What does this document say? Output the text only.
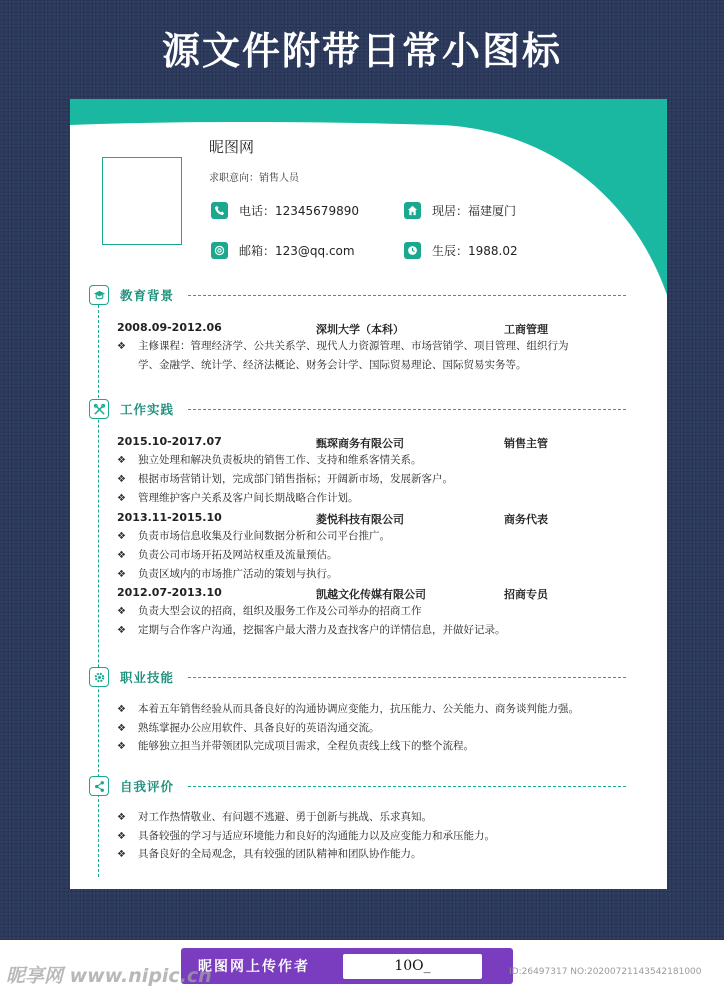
源文件附带日常小图标
昵图网
求职意向：销售人员
电话：12345679890	现居：福建厦门
邮箱：123@qq.com	生辰：1988.02
教育背景
2008.09-2012.06	深圳大学（本科）	工商管理
❖	主修课程：管理经济学、公共关系学、现代人力资源管理、市场营销学、项目管理、组织行为
学、金融学、统计学、经济法概论、财务会计学、国际贸易理论、国际贸易实务等。
工作实践
2015.10-2017.07	甄琛商务有限公司	销售主管
❖	独立处理和解决负责板块的销售工作、支持和维系客情关系。
❖	根据市场营销计划，完成部门销售指标；开阔新市场，发展新客户。
❖	管理维护客户关系及客户间长期战略合作计划。
2013.11-2015.10	菱悦科技有限公司	商务代表
❖	负责市场信息收集及行业间数据分析和公司平台推广。
❖	负责公司市场开拓及网站权重及流量预估。
❖	负责区域内的市场推广活动的策划与执行。
2012.07-2013.10	凯越文化传媒有限公司	招商专员
❖	负责大型会议的招商，组织及服务工作及公司举办的招商工作
❖	定期与合作客户沟通，挖掘客户最大潜力及查找客户的详情信息，并做好记录。
职业技能
❖	本着五年销售经验从而具备良好的沟通协调应变能力，抗压能力、公关能力、商务谈判能力强。
❖	熟练掌握办公应用软件、具备良好的英语沟通交流。
❖	能够独立担当并带领团队完成项目需求，全程负责线上线下的整个流程。
自我评价
❖	对工作热情敬业、有问题不逃避、勇于创新与挑战、乐求真知。
❖	具备较强的学习与适应环境能力和良好的沟通能力以及应变能力和承压能力。
❖	具备良好的全局观念，具有较强的团队精神和团队协作能力。
昵图网上传作者	10O_
昵享网 www.nipic.cn	ID:26497317 NO:20200721143542181000
